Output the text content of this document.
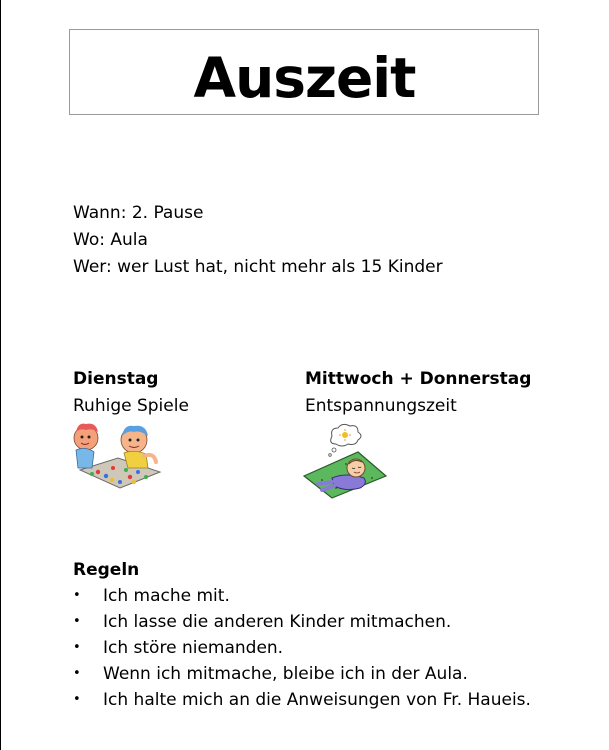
Auszeit
Wann: 2. Pause
Wo: Aula
Wer: wer Lust hat, nicht mehr als 15 Kinder
Dienstag
Ruhige Spiele
Mittwoch + Donnerstag
Entspannungszeit
Regeln
• Ich mache mit.
• Ich lasse die anderen Kinder mitmachen.
• Ich störe niemanden.
• Wenn ich mitmache, bleibe ich in der Aula.
• Ich halte mich an die Anweisungen von Fr. Haueis.
